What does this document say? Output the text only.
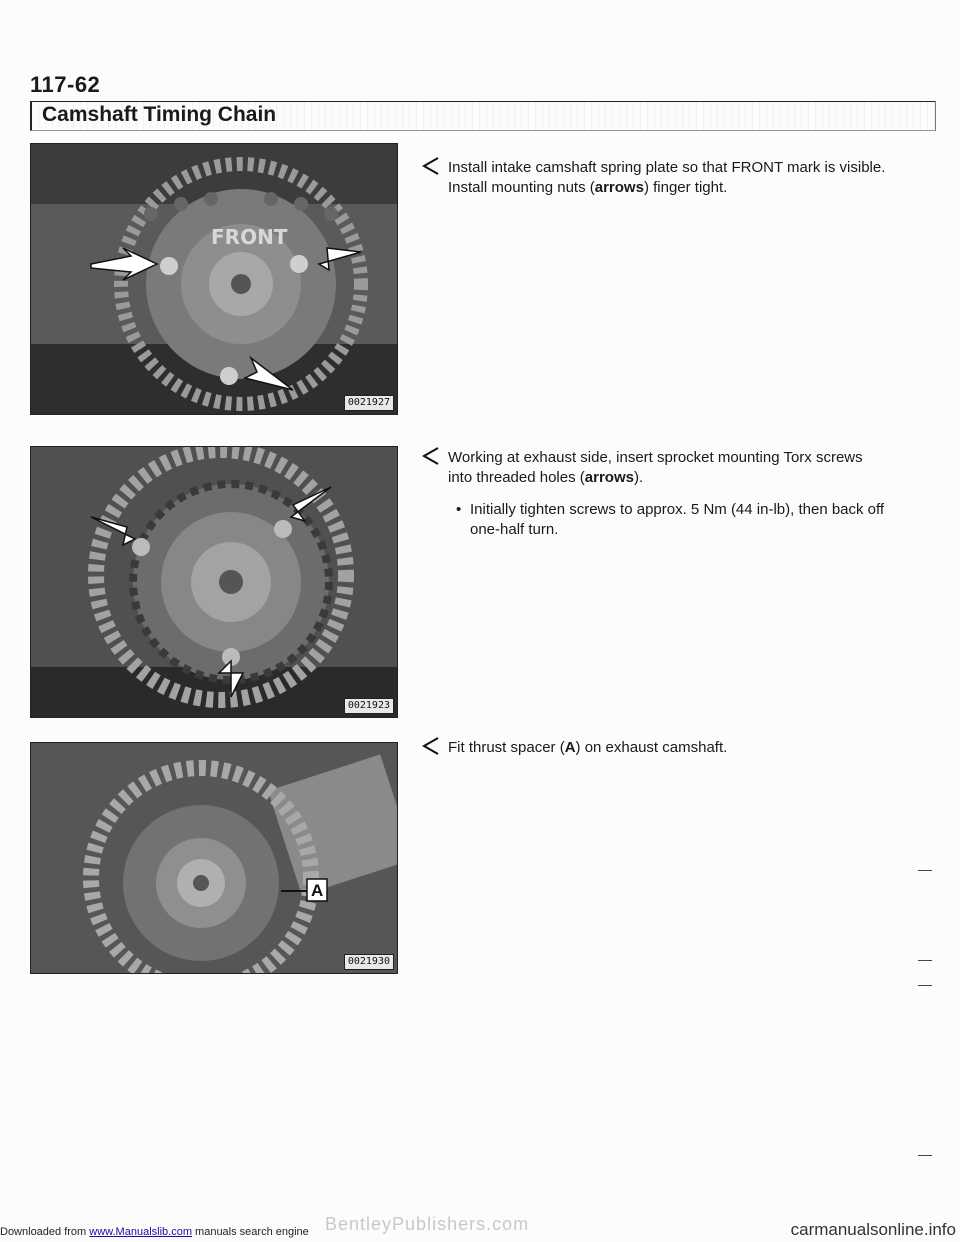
117-62
Camshaft Timing Chain
FRONT
0021927
0021923
A
0021930
Install intake camshaft spring plate so that FRONT mark is visible. Install mounting nuts (arrows) finger tight.
Working at exhaust side, insert sprocket mounting Torx screws into threaded holes (arrows).
• Initially tighten screws to approx. 5 Nm (44 in-lb), then back off one-half turn.
Fit thrust spacer (A) on exhaust camshaft.
Downloaded from www.Manualslib.com manuals search engine BentleyPublishers.com	carmanualsonline.info
